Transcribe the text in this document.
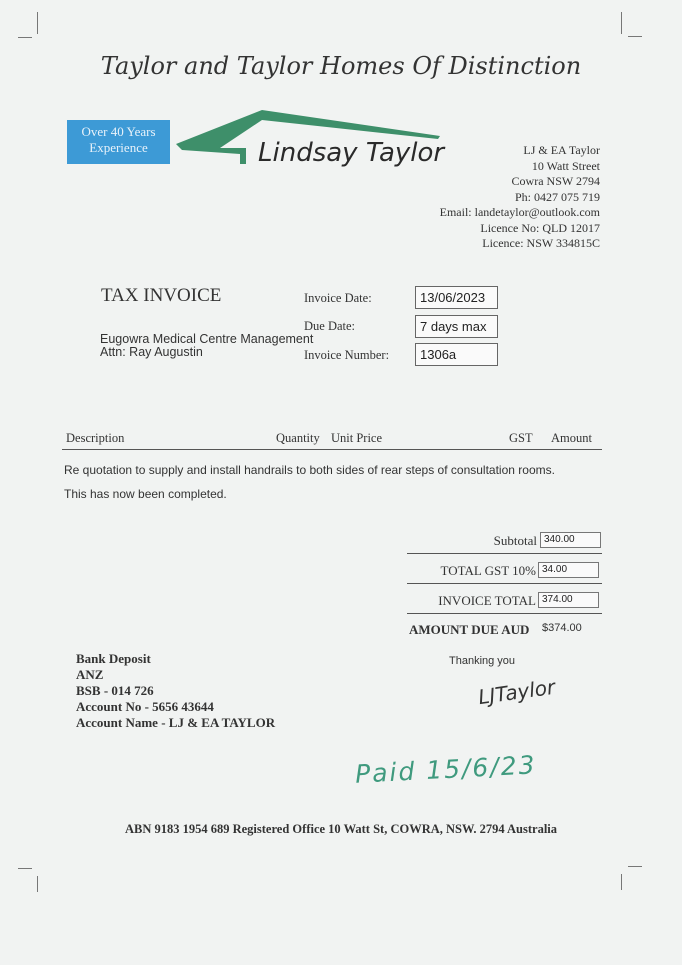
Taylor and Taylor Homes Of Distinction
Over 40 Years
Experience	Lindsay Taylor	LJ & EA Taylor
10 Watt Street
Cowra NSW 2794
Ph: 0427 075 719
Email: landetaylor@outlook.com
Licence No: QLD 12017
Licence: NSW 334815C
TAX INVOICE	Invoice Date:	13/06/2023
Due Date:	7 days max
Invoice Number:	1306a
Eugowra Medical Centre Management
Attn: Ray Augustin
Description	Quantity Unit Price	GST Amount
Re quotation to supply and install handrails to both sides of rear steps of consultation rooms.
This has now been completed.
Subtotal 340.00
TOTAL GST 10% 34.00
INVOICE TOTAL 374.00
AMOUNT DUE AUD $374.00
Bank Deposit
ANZ
BSB - 014 726
Account No - 5656 43644
Account Name - LJ & EA TAYLOR
Thanking you
LJTaylor
Paid 15/6/23
ABN 9183 1954 689 Registered Office 10 Watt St, COWRA, NSW. 2794 Australia
